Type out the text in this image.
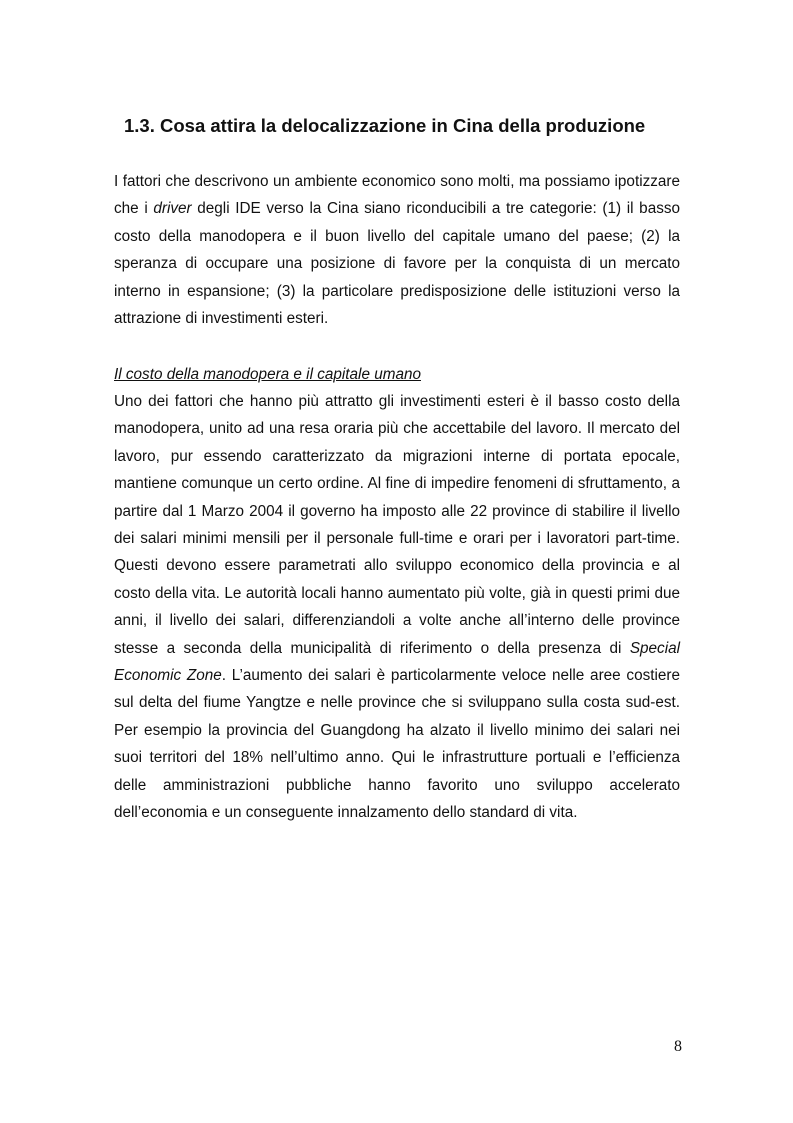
1.3. Cosa attira la delocalizzazione in Cina della produzione

I fattori che descrivono un ambiente economico sono molti, ma possiamo ipotizzare che i driver degli IDE verso la Cina siano riconducibili a tre categorie: (1) il basso costo della manodopera e il buon livello del capitale umano del paese; (2) la speranza di occupare una posizione di favore per la conquista di un mercato interno in espansione; (3) la particolare predisposizione delle istituzioni verso la attrazione di investimenti esteri.

Il costo della manodopera e il capitale umano

Uno dei fattori che hanno più attratto gli investimenti esteri è il basso costo della manodopera, unito ad una resa oraria più che accettabile del lavoro. Il mercato del lavoro, pur essendo caratterizzato da migrazioni interne di portata epocale, mantiene comunque un certo ordine. Al fine di impedire fenomeni di sfruttamento, a partire dal 1 Marzo 2004 il governo ha imposto alle 22 province di stabilire il livello dei salari minimi mensili per il personale full-time e orari per i lavoratori part-time. Questi devono essere parametrati allo sviluppo economico della provincia e al costo della vita. Le autorità locali hanno aumentato più volte, già in questi primi due anni, il livello dei salari, differenziandoli a volte anche all’interno delle province stesse a seconda della municipalità di riferimento o della presenza di Special Economic Zone. L’aumento dei salari è particolarmente veloce nelle aree costiere sul delta del fiume Yangtze e nelle province che si sviluppano sulla costa sud-est. Per esempio la provincia del Guangdong ha alzato il livello minimo dei salari nei suoi territori del 18% nell’ultimo anno. Qui le infrastrutture portuali e l’efficienza delle amministrazioni pubbliche hanno favorito uno sviluppo accelerato dell’economia e un conseguente innalzamento dello standard di vita.

8
